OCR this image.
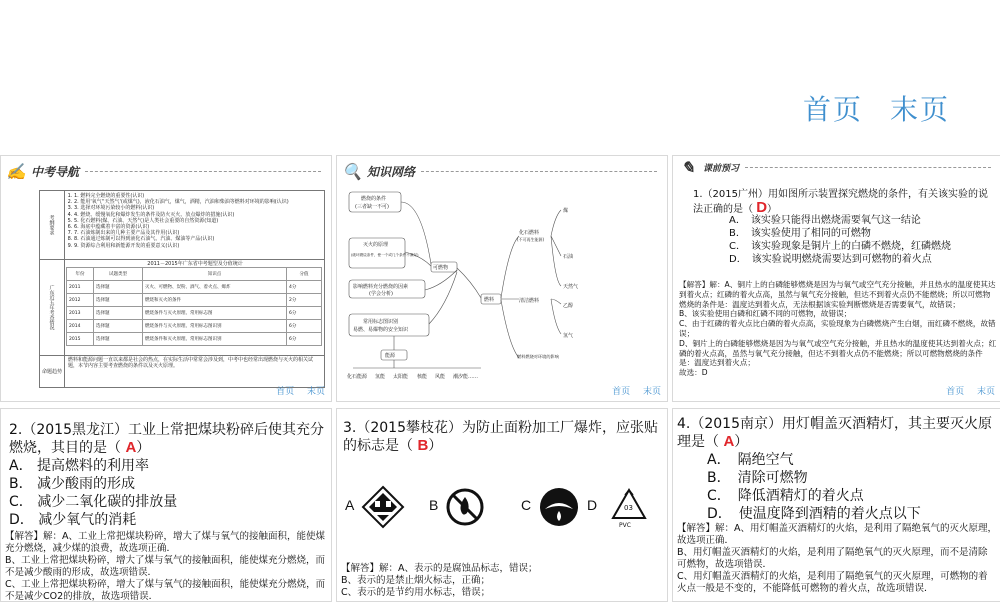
首页 末页
✍ 中考导航
考纲要求
1. 1. 燃料完全燃烧的重要性(认识)
2. 2. 能用'氧气''天然气'(或煤气)，液化石油气，煤气，酒精，汽油和柴油等燃料对环境的影响(认识)
3. 3. 选择对环境污染较小的燃料(认识)
4. 4. 燃烧、缓慢氧化和爆炸发生的条件及防火灭火、放点爆炸的措施(认识)
5. 5. 化石燃料(煤、石油、天然气)是人类社会重要的自然资源(知道)
6. 6. 海底中蕴藏着丰富的资源(认识)
7. 7. 石油炼制出来的几种主要产品及其作用(认识)
8. 8. 石油通过炼制可以得到液化石油气、汽油、煤油等产品(认识)
9. 9. 资源综合利用和新能源开发的重要意义(认识)
广东近五年考查情况
2011－2015年广东省中考题型及分值统计
年份	试题类型	知识点	分值
2011	选择题	灭火、可燃物、炭粉、酒气、着火点、爆炸	4分
2012	选择题	燃烧和灭火的条件	2分
2013	选择题	燃烧条件与灭火原理、常用标志图	6分
2014	选择题	燃烧条件与灭火原理、常用标志图识别	6分
2015	选择题	燃烧条件和灭火原理、常用标志图识别	6分
命题趋势

燃料和能源问题一直以来都是社会的热点，在实际生活中常常会涉及到，中考中也经常出现燃烧与灭火的相关试题，本节内容主要考查燃烧的条件以及灭火原理。

首页 末页
🔍 知识网络
燃烧的条件
(三者缺一不可)
灭火的原理
(破坏燃烧条件，使一个或几个条件不满足)
可燃物
燃料
影响燃料充分燃烧的因素
(学会分析)
常用标志图识别
易燃、易爆物的安全知识
能源
化石燃料
(不可再生能源)
煤
石油
天然气
清洁燃料
乙醇
氢气
燃料燃烧对环境的影响
化石能源 氢能 太阳能 核能 风能 潮汐能……
首页 末页
✎ 课前预习
1.（2015广州）用如图所示装置探究燃烧的条件，有关该实验的说法正确的是（ D）
A．　该实验只能得出燃烧需要氧气这一结论
B．　该实验使用了相同的可燃物
C．　该实验现象是铜片上的白磷不燃烧，红磷燃烧
D．　该实验说明燃烧需要达到可燃物的着火点
【解答】解：A、铜片上的白磷能够燃烧是因为与氧气或空气充分接触，并且热水的温度使其达到着火点；红磷的着火点高，虽然与氧气充分接触，但达不到着火点仍不能燃烧；所以可燃物燃烧的条件是：温度达到着火点，无法根据该实验判断燃烧是否需要氧气，故错误；
B、该实验使用白磷和红磷不同的可燃物，故错误；
C、由于红磷的着火点比白磷的着火点高，实验现象为白磷燃烧产生白烟，而红磷不燃烧，故错误；
D、铜片上的白磷能够燃烧是因为与氧气或空气充分接触，并且热水的温度使其达到着火点；红磷的着火点高，虽然与氧气充分接触，但达不到着火点仍不能燃烧；所以可燃物燃烧的条件是：温度达到着火点；
故选：D
首页 末页
2.（2015黑龙江）工业上常把煤块粉碎后使其充分燃烧，其目的是（ A）
A． 提高燃料的利用率
B． 减少酸雨的形成
C． 减少二氧化碳的排放量
D． 减少氧气的消耗
【解答】解：A、工业上常把煤块粉碎，增大了煤与氧气的接触面积，能使煤充分燃烧，减少煤的浪费，故选项正确．
B、工业上常把煤块粉碎，增大了煤与氧气的接触面积，能使煤充分燃烧，而不是减少酸雨的形成，故选项错误．
C、工业上常把煤块粉碎，增大了煤与氧气的接触面积，能使煤充分燃烧，而不是减少CO2的排放，故选项错误．
3.（2015攀枝花）为防止面粉加工厂爆炸，应张贴的标志是（ B）
A	B	C	D	03
PVC
【解答】解：A、表示的是腐蚀品标志，错误；
B、表示的是禁止烟火标志，正确；
C、表示的是节约用水标志，错误；
4.（2015南京）用灯帽盖灭酒精灯，其主要灭火原理是（ A）
A．　隔绝空气
B．　清除可燃物
C．　降低酒精灯的着火点
D．　使温度降到酒精的着火点以下
【解答】解：A、用灯帽盖灭酒精灯的火焰，是利用了隔绝氧气的灭火原理，故选项正确．
B、用灯帽盖灭酒精灯的火焰，是利用了隔绝氧气的灭火原理，而不是清除可燃物，故选项错误．
C、用灯帽盖灭酒精灯的火焰，是利用了隔绝氧气的灭火原理，可燃物的着火点一般是不变的，不能降低可燃物的着火点，故选项错误．
